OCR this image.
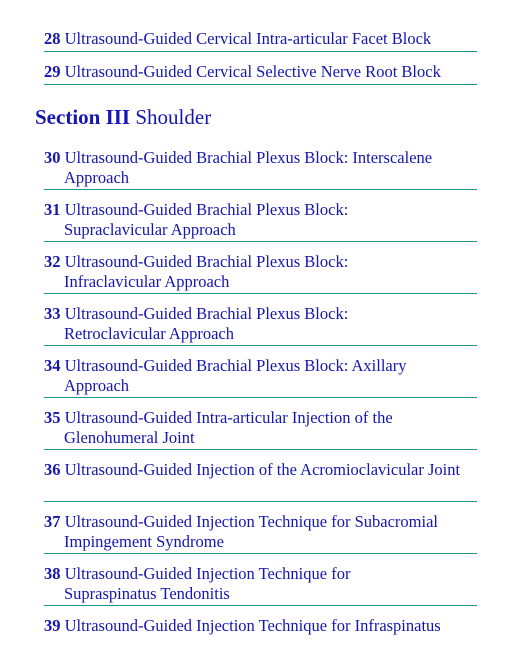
28 Ultrasound-Guided Cervical Intra-articular Facet Block
29 Ultrasound-Guided Cervical Selective Nerve Root Block
Section III Shoulder
30 Ultrasound-Guided Brachial Plexus Block: Interscalene Approach
31 Ultrasound-Guided Brachial Plexus Block: Supraclavicular Approach
32 Ultrasound-Guided Brachial Plexus Block: Infraclavicular Approach
33 Ultrasound-Guided Brachial Plexus Block: Retroclavicular Approach
34 Ultrasound-Guided Brachial Plexus Block: Axillary Approach
35 Ultrasound-Guided Intra-articular Injection of the Glenohumeral Joint
36 Ultrasound-Guided Injection of the Acromioclavicular Joint
37 Ultrasound-Guided Injection Technique for Subacromial Impingement Syndrome
38 Ultrasound-Guided Injection Technique for Supraspinatus Tendonitis
39 Ultrasound-Guided Injection Technique for Infraspinatus
